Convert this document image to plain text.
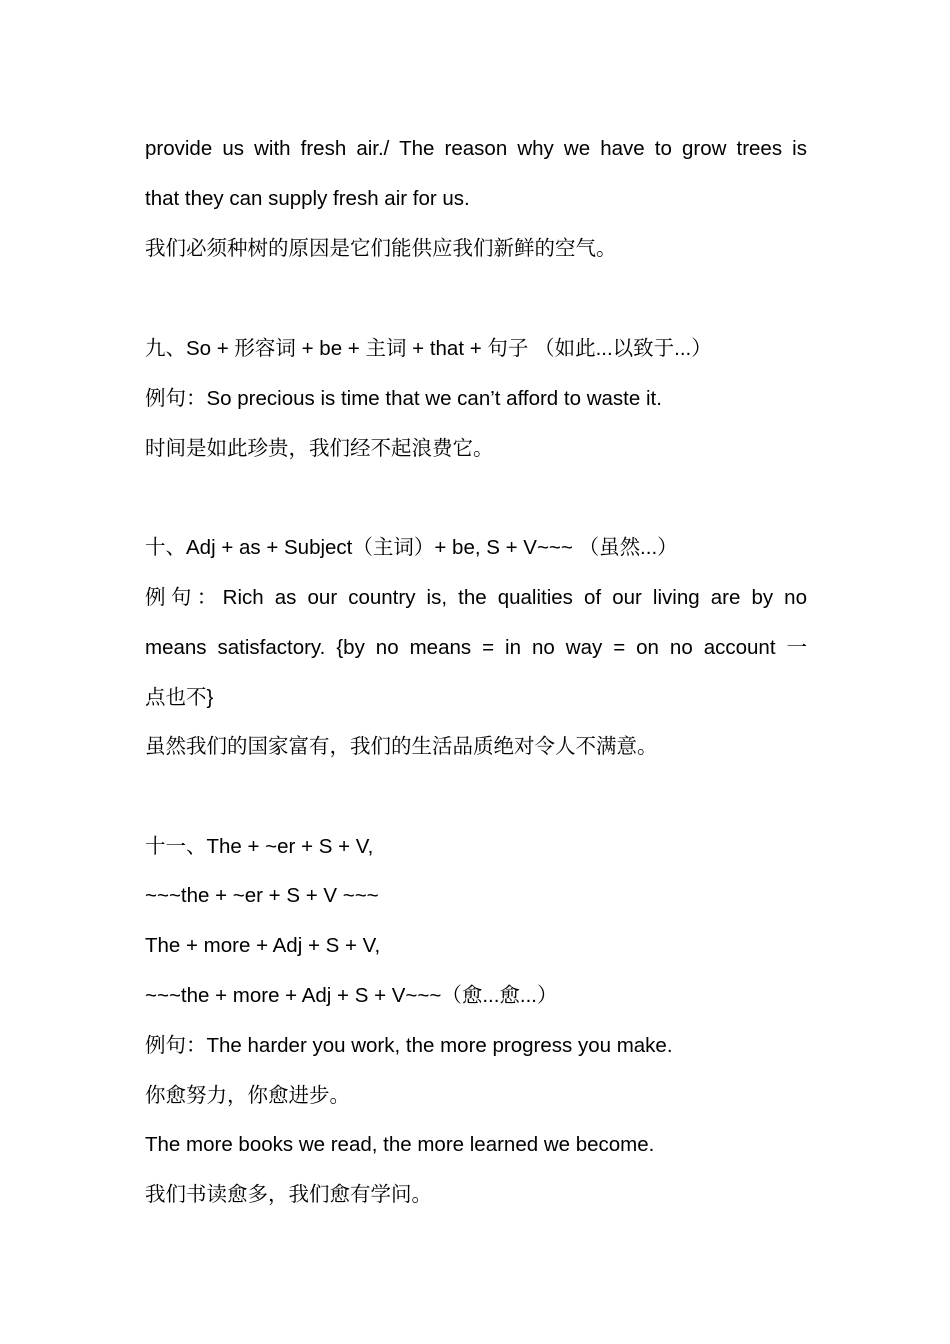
provide us with fresh air./ The reason why we have to grow trees is
that they can supply fresh air for us.
我们必须种树的原因是它们能供应我们新鲜的空气。
九、So + 形容词 + be + 主词 + that + 句子 （如此...以致于...）
例句：So precious is time that we can’t afford to waste it.
时间是如此珍贵，我们经不起浪费它。
十、Adj + as + Subject（主词）+ be, S + V~~~ （虽然...）
例句：Rich as our country is, the qualities of our living are by no
means satisfactory. {by no means = in no way = on no account 一
点也不}
虽然我们的国家富有，我们的生活品质绝对令人不满意。
十一、The + ~er + S + V,
~~~the + ~er + S + V ~~~
The + more + Adj + S + V,
~~~the + more + Adj + S + V~~~（愈...愈...）
例句：The harder you work, the more progress you make.
你愈努力，你愈进步。
The more books we read, the more learned we become.
我们书读愈多，我们愈有学问。
